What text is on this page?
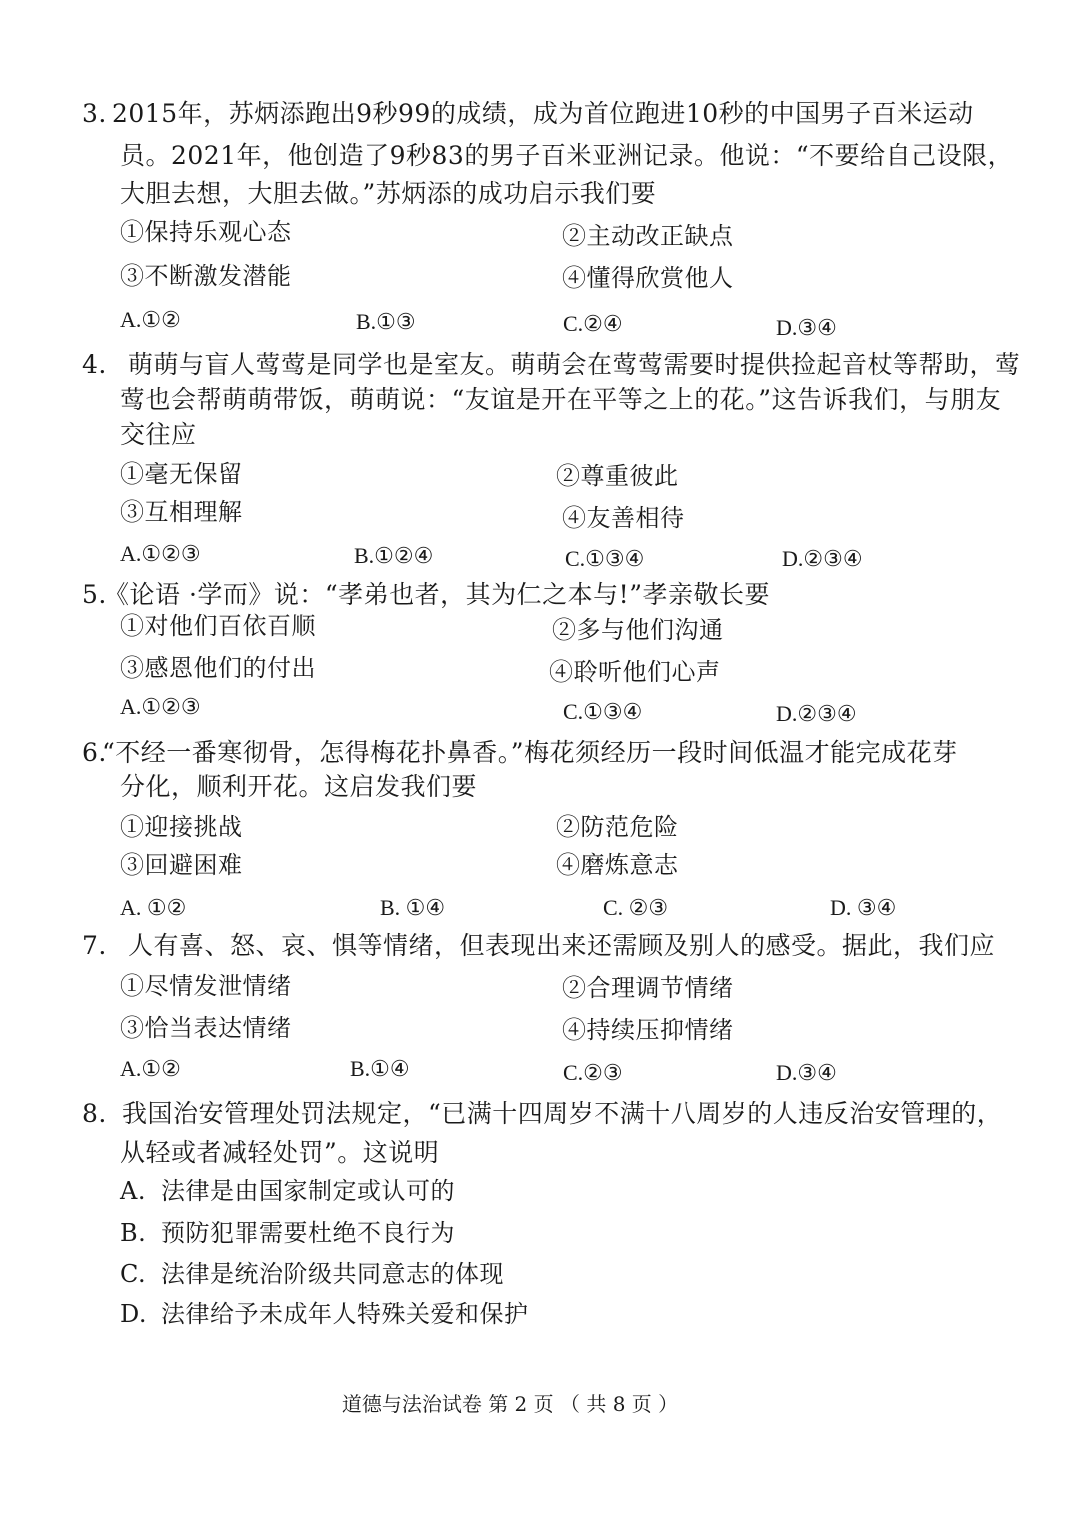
3. 2015年，苏炳添跑出9秒99的成绩，成为首位跑进10秒的中国男子百米运动
员。2021年，他创造了9秒83的男子百米亚洲记录。他说：“不要给自己设限，
大胆去想，大胆去做。”苏炳添的成功启示我们要
①保持乐观心态	②主动改正缺点
③不断激发潜能	④懂得欣赏他人
A.①②	B.①③	C.②④	D.③④
4. 萌萌与盲人莺莺是同学也是室友。萌萌会在莺莺需要时提供捡起音杖等帮助，莺
莺也会帮萌萌带饭，萌萌说：“友谊是开在平等之上的花。”这告诉我们，与朋友
交往应
①毫无保留	②尊重彼此
③互相理解	④友善相待
A.①②③	B.①②④	C.①③④	D.②③④
5.
《论语 ·学而》说：“孝弟也者，其为仁之本与!”孝亲敬长要
①对他们百依百顺	②多与他们沟通
③感恩他们的付出	④聆听他们心声
A.①②③	C.①③④	D.②③④
6.
“不经一番寒彻骨，怎得梅花扑鼻香。”梅花须经历一段时间低温才能完成花芽
分化，顺利开花。这启发我们要
①迎接挑战	②防范危险
③回避困难	④磨炼意志
A. ①②	B. ①④	C. ②③	D. ③④
7. 人有喜、怒、哀、惧等情绪，但表现出来还需顾及别人的感受。据此，我们应
①尽情发泄情绪	②合理调节情绪
③恰当表达情绪	④持续压抑情绪
A.①②	B.①④	C.②③	D.③④
8. 我国治安管理处罚法规定，“已满十四周岁不满十八周岁的人违反治安管理的，
从轻或者减轻处罚”。这说明
A. 法律是由国家制定或认可的
B. 预防犯罪需要杜绝不良行为
C. 法律是统治阶级共同意志的体现
D. 法律给予未成年人特殊关爱和保护
道德与法治试卷 第 2 页 （ 共 8 页 ）
